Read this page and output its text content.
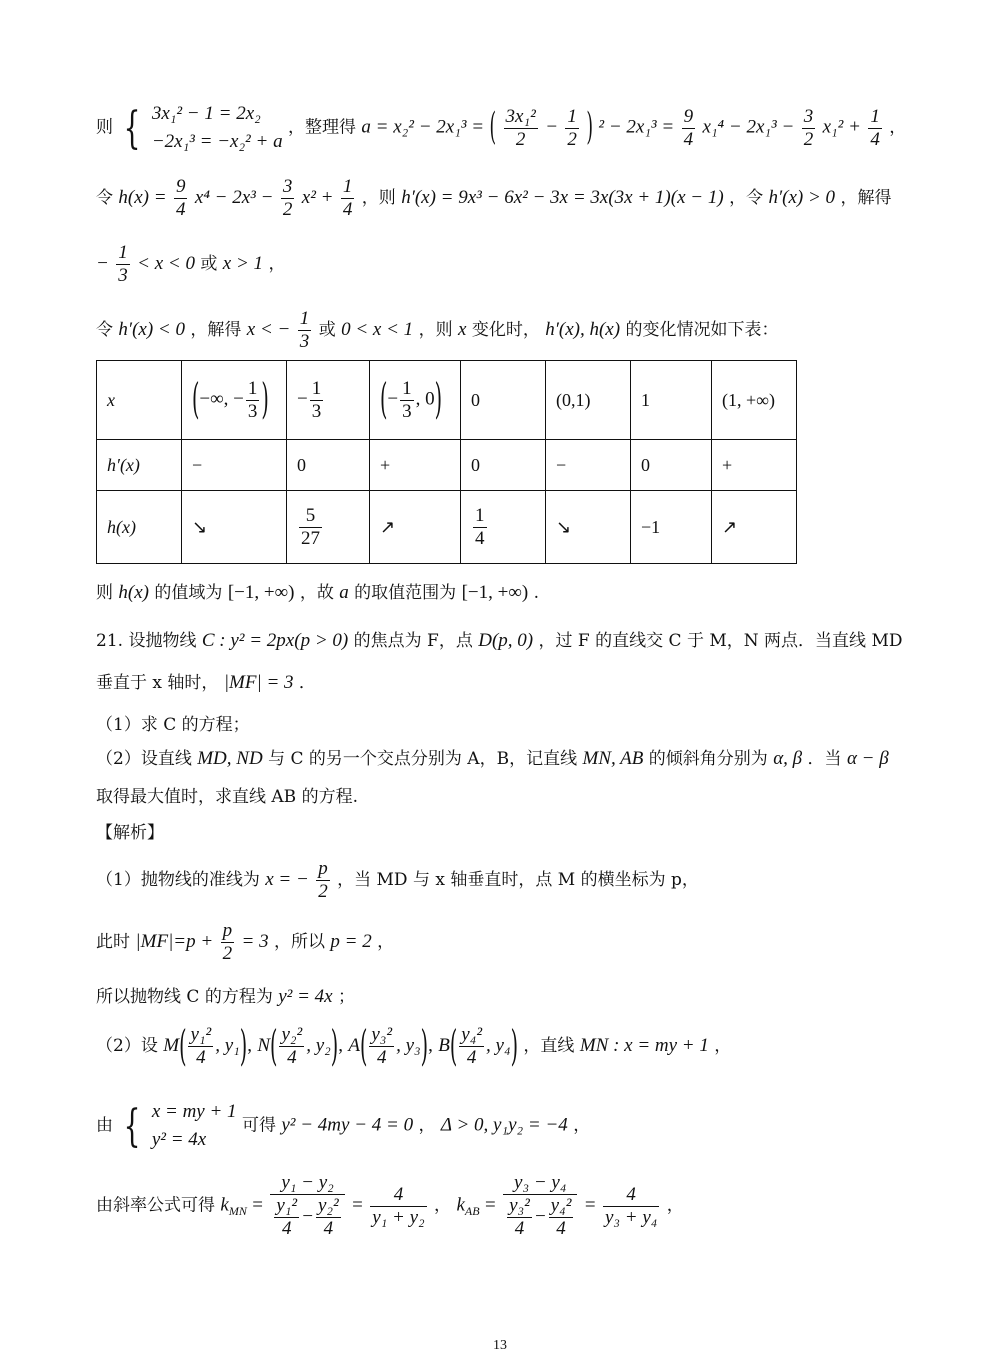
则 { 3x₁² − 1 = 2x₂
−2x₁³ = −x₂² + a
，整理得 a = x₂² − 2x₁³ = ( $\frac{\text{3x₁²}}{2} - \frac{1}{2}$ ) $^2 - 2x_1^3 = \frac{9}{4} x_1^4 - 2x_1^3 - \frac{3}{2} x_1^2 + \frac{1}{4}$ ，
令 $h(x) = \frac{9}{4} x^4 - 2x^3 - \frac{3}{2} x^2 + \frac{1}{4}$ ，则 h′(x) = 9x³ − 6x² − 3x = 3x(3x + 1)(x − 1) ，令 h′(x) > 0 ，解得
− $\frac{1}{3} < x < 0$ 或 x > 1 ，
令 h′(x) < 0 ，解得 x < − $\frac{1}{3}$ 或 0 < x < 1 ，则 x 变化时， h′(x), h(x) 的变化情况如下表：
x	(−∞, − $\frac{1}{3}$ )	− $\frac{1}{3}$	(− $\frac{1}{3}$ , 0)	0	(0,1)	1	(1, +∞)
h′(x)	−	0	+	0	−	0	+
h(x)	↘	$\frac{5}{27}$	↗	$\frac{1}{4}$	↘	−1	↗
则 h(x) 的值域为 [−1, +∞) ，故 a 的取值范围为 [−1, +∞) .
21. 设抛物线 C : y² = 2px(p > 0) 的焦点为 F，点 D(p, 0) ，过 F 的直线交 C 于 M，N 两点．当直线 MD
垂直于 x 轴时， |MF| = 3 ．
（1）求 C 的方程；
（2）设直线 MD, ND 与 C 的另一个交点分别为 A，B，记直线 MN, AB 的倾斜角分别为 α, β ．当 α − β
取得最大值时，求直线 AB 的方程.
【解析】
（1）抛物线的准线为 x = − $\frac{p}{2}$ ，当 MD 与 x 轴垂直时，点 M 的横坐标为 p，
此时 $|MF|=p + \frac{p}{2} = 3$ ，所以 p = 2 ，
所以抛物线 C 的方程为 y² = 4x ；
（2）设 $M( \frac{\text{y₁²}}{4}$ , y₁), $N( \frac{\text{y₂²}}{4}$ , y₂), $A( \frac{\text{y₃²}}{4}$ , y₃), $B( \frac{\text{y₄²}}{4}$ , y₄) ，直线 MN : x = my + 1 ，
由 { x = my + 1
y² = 4x
可得 y² − 4my − 4 = 0 ， Δ > 0, y₁y₂ = −4 ，
由斜率公式可得 $k_{MN} = \frac{\text{y₁ − y₂}}{\frac{\text{y₁²}}{4} - \frac{\text{y₂²}}{4}} = \frac{4}{\text{y₁ + y₂}}$ ， $k_{AB} = \frac{\text{y₃ − y₄}}{\frac{\text{y₃²}}{4} - \frac{\text{y₄²}}{4}} = \frac{4}{\text{y₃ + y₄}}$ ，
13
